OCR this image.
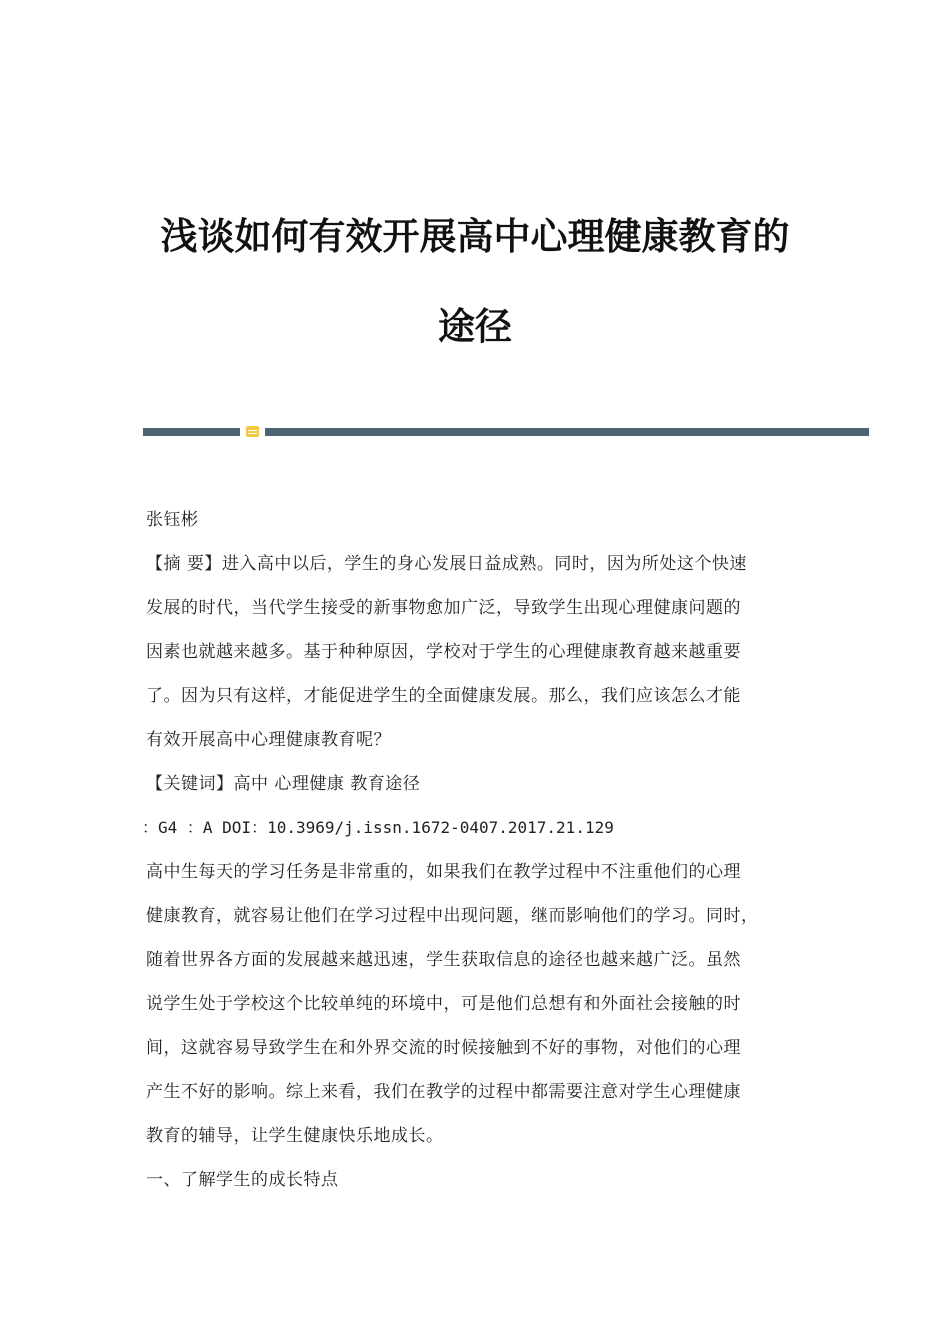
浅谈如何有效开展高中心理健康教育的
途径
张钰彬
【摘 要】进入高中以后，学生的身心发展日益成熟。同时，因为所处这个快速
发展的时代，当代学生接受的新事物愈加广泛，导致学生出现心理健康问题的
因素也就越来越多。基于种种原因，学校对于学生的心理健康教育越来越重要
了。因为只有这样，才能促进学生的全面健康发展。那么，我们应该怎么才能
有效开展高中心理健康教育呢？
【关键词】高中 心理健康 教育途径
：G4 ：A DOI：10.3969/j.issn.1672-0407.2017.21.129
高中生每天的学习任务是非常重的，如果我们在教学过程中不注重他们的心理
健康教育，就容易让他们在学习过程中出现问题，继而影响他们的学习。同时，
随着世界各方面的发展越来越迅速，学生获取信息的途径也越来越广泛。虽然
说学生处于学校这个比较单纯的环境中，可是他们总想有和外面社会接触的时
间，这就容易导致学生在和外界交流的时候接触到不好的事物，对他们的心理
产生不好的影响。综上来看，我们在教学的过程中都需要注意对学生心理健康
教育的辅导，让学生健康快乐地成长。
一、了解学生的成长特点
